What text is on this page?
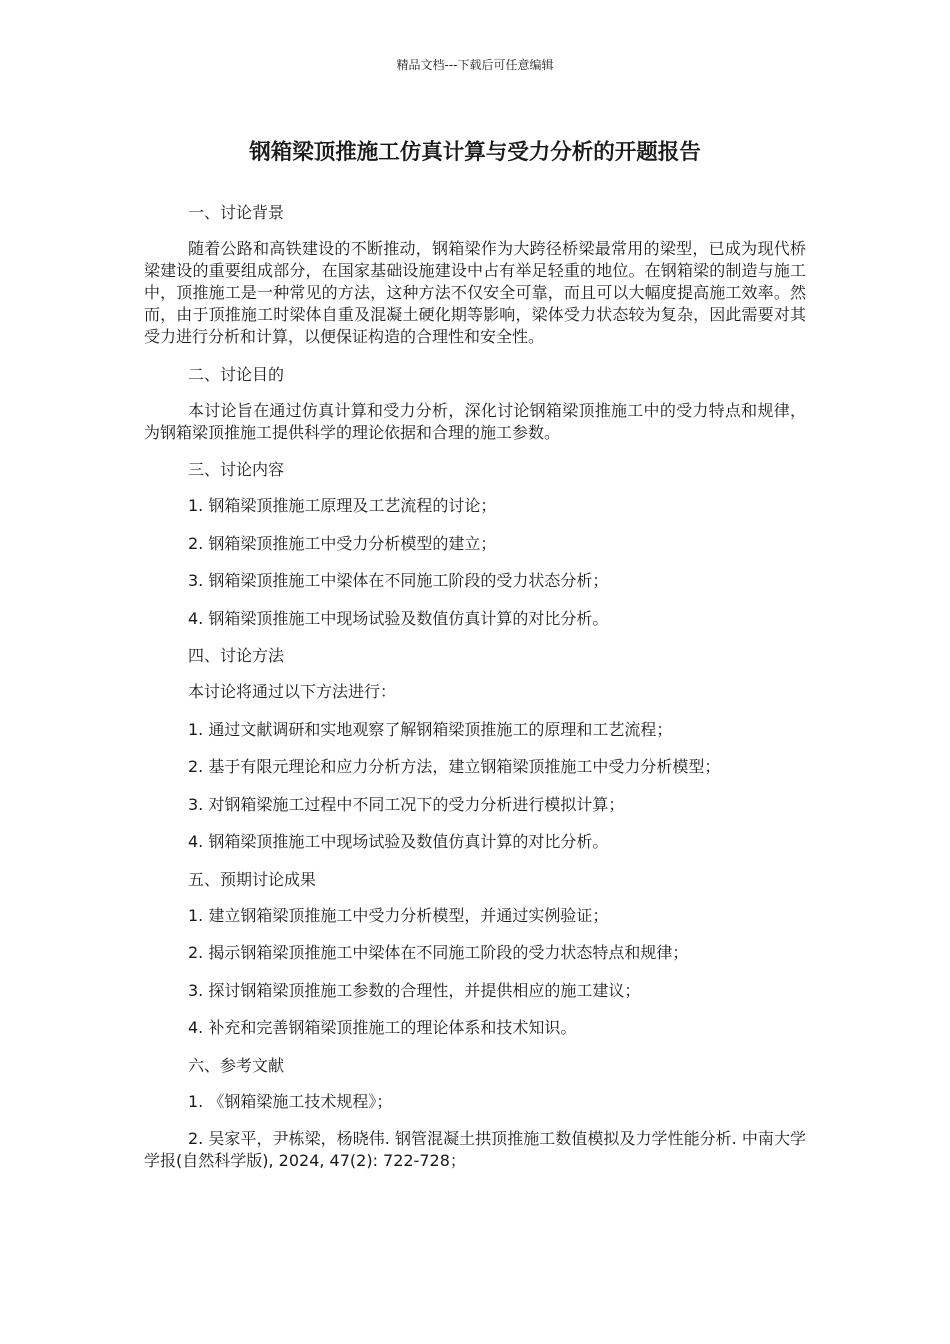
精品文档---下载后可任意编辑
钢箱梁顶推施工仿真计算与受力分析的开题报告

一、讨论背景

随着公路和高铁建设的不断推动，钢箱梁作为大跨径桥梁最常用的梁型，已成为现代桥梁建设的重要组成部分，在国家基础设施建设中占有举足轻重的地位。在钢箱梁的制造与施工中，顶推施工是一种常见的方法，这种方法不仅安全可靠，而且可以大幅度提高施工效率。然而，由于顶推施工时梁体自重及混凝土硬化期等影响，梁体受力状态较为复杂，因此需要对其受力进行分析和计算，以便保证构造的合理性和安全性。

二、讨论目的

本讨论旨在通过仿真计算和受力分析，深化讨论钢箱梁顶推施工中的受力特点和规律，为钢箱梁顶推施工提供科学的理论依据和合理的施工参数。

三、讨论内容

1. 钢箱梁顶推施工原理及工艺流程的讨论；

2. 钢箱梁顶推施工中受力分析模型的建立；

3. 钢箱梁顶推施工中梁体在不同施工阶段的受力状态分析；

4. 钢箱梁顶推施工中现场试验及数值仿真计算的对比分析。

四、讨论方法

本讨论将通过以下方法进行：

1. 通过文献调研和实地观察了解钢箱梁顶推施工的原理和工艺流程；

2. 基于有限元理论和应力分析方法，建立钢箱梁顶推施工中受力分析模型；

3. 对钢箱梁施工过程中不同工况下的受力分析进行模拟计算；

4. 钢箱梁顶推施工中现场试验及数值仿真计算的对比分析。

五、预期讨论成果

1. 建立钢箱梁顶推施工中受力分析模型，并通过实例验证；

2. 揭示钢箱梁顶推施工中梁体在不同施工阶段的受力状态特点和规律；

3. 探讨钢箱梁顶推施工参数的合理性，并提供相应的施工建议；

4. 补充和完善钢箱梁顶推施工的理论体系和技术知识。

六、参考文献

1. 《钢箱梁施工技术规程》；

2. 吴家平，尹栋梁，杨晓伟. 钢管混凝土拱顶推施工数值模拟及力学性能分析. 中南大学学报(自然科学版), 2024, 47(2): 722-728；
